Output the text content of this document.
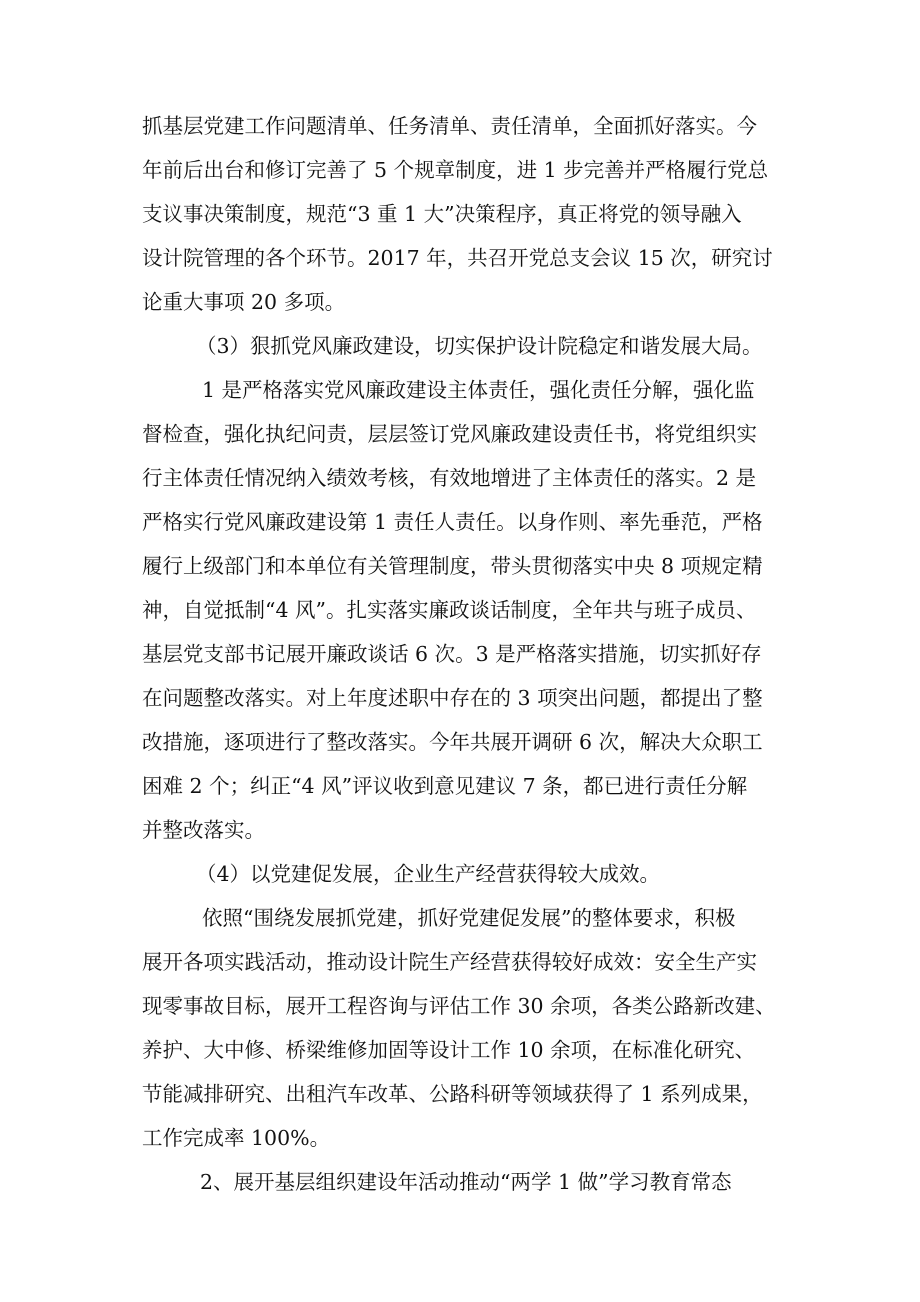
抓基层党建工作问题清单、任务清单、责任清单，全面抓好落实。今
年前后出台和修订完善了 5 个规章制度，进 1 步完善并严格履行党总
支议事决策制度，规范“3 重 1 大”决策程序，真正将党的领导融入
设计院管理的各个环节。2017 年，共召开党总支会议 15 次，研究讨
论重大事项 20 多项。
（3）狠抓党风廉政建设，切实保护设计院稳定和谐发展大局。
1 是严格落实党风廉政建设主体责任，强化责任分解，强化监
督检查，强化执纪问责，层层签订党风廉政建设责任书，将党组织实
行主体责任情况纳入绩效考核，有效地增进了主体责任的落实。2 是
严格实行党风廉政建设第 1 责任人责任。以身作则、率先垂范，严格
履行上级部门和本单位有关管理制度，带头贯彻落实中央 8 项规定精
神，自觉抵制“4 风”。扎实落实廉政谈话制度，全年共与班子成员、
基层党支部书记展开廉政谈话 6 次。3 是严格落实措施，切实抓好存
在问题整改落实。对上年度述职中存在的 3 项突出问题，都提出了整
改措施，逐项进行了整改落实。今年共展开调研 6 次，解决大众职工
困难 2 个；纠正“4 风”评议收到意见建议 7 条，都已进行责任分解
并整改落实。
（4）以党建促发展，企业生产经营获得较大成效。
依照“围绕发展抓党建，抓好党建促发展”的整体要求，积极
展开各项实践活动，推动设计院生产经营获得较好成效：安全生产实
现零事故目标，展开工程咨询与评估工作 30 余项，各类公路新改建、
养护、大中修、桥梁维修加固等设计工作 10 余项，在标准化研究、
节能减排研究、出租汽车改革、公路科研等领域获得了 1 系列成果，
工作完成率 100%。
2、展开基层组织建设年活动推动“两学 1 做”学习教育常态
